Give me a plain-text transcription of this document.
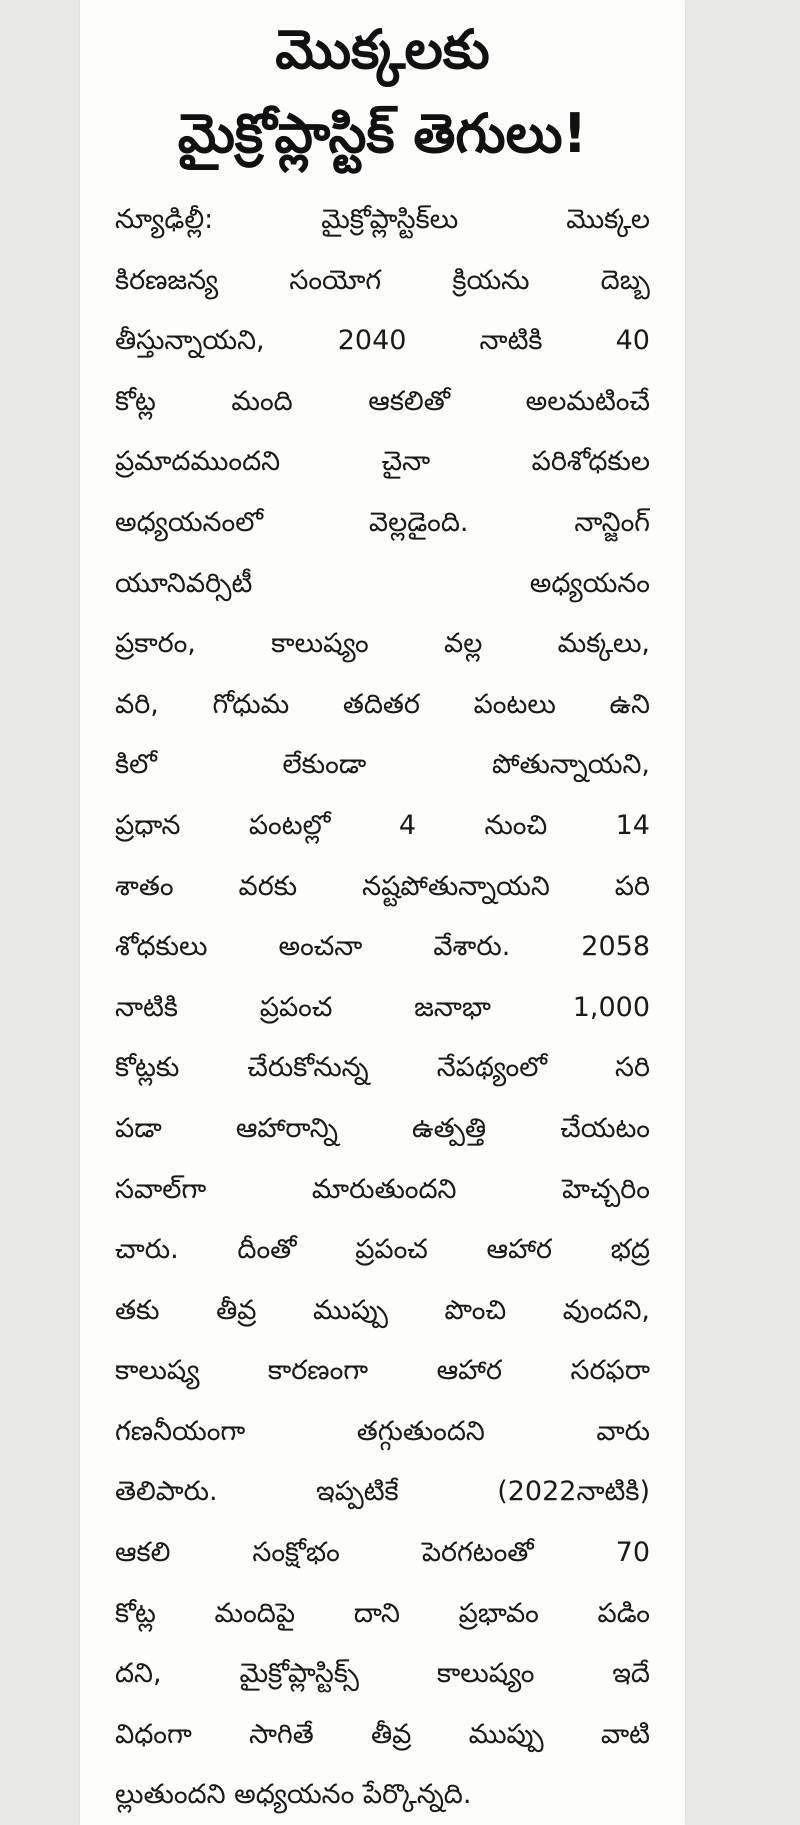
మొక్కలకు
మైక్రోప్లాస్టిక్ తెగులు!
న్యూఢిల్లీ: మైక్రోప్లాస్టిక్‌లు మొక్కల
కిరణజన్య సంయోగ క్రియను దెబ్బ
తీస్తున్నాయని, 2040 నాటికి 40
కోట్ల మంది ఆకలితో అలమటించే
ప్రమాదముందని చైనా పరిశోధకుల
అధ్యయనంలో వెల్లడైంది. నాన్జింగ్
యూనివర్సిటీ అధ్యయనం
ప్రకారం, కాలుష్యం వల్ల మక్కలు,
వరి, గోధుమ తదితర పంటలు ఉని
కిలో లేకుండా పోతున్నాయని,
ప్రధాన పంటల్లో 4 నుంచి 14
శాతం వరకు నష్టపోతున్నాయని పరి
శోధకులు అంచనా వేశారు. 2058
నాటికి ప్రపంచ జనాభా 1,000
కోట్లకు చేరుకోనున్న నేపథ్యంలో సరి
పడా ఆహారాన్ని ఉత్పత్తి చేయటం
సవాల్‌గా మారుతుందని హెచ్చరిం
చారు. దీంతో ప్రపంచ ఆహార భద్ర
తకు తీవ్ర ముప్పు పొంచి వుందని,
కాలుష్య కారణంగా ఆహార సరఫరా
గణనీయంగా తగ్గుతుందని వారు
తెలిపారు. ఇప్పటికే (2022నాటికి)
ఆకలి సంక్షోభం పెరగటంతో 70
కోట్ల మందిపై దాని ప్రభావం పడిం
దని, మైక్రోప్లాస్టిక్స్ కాలుష్యం ఇదే
విధంగా సాగితే తీవ్ర ముప్పు వాటి
ల్లుతుందని అధ్యయనం పేర్కొన్నది.
